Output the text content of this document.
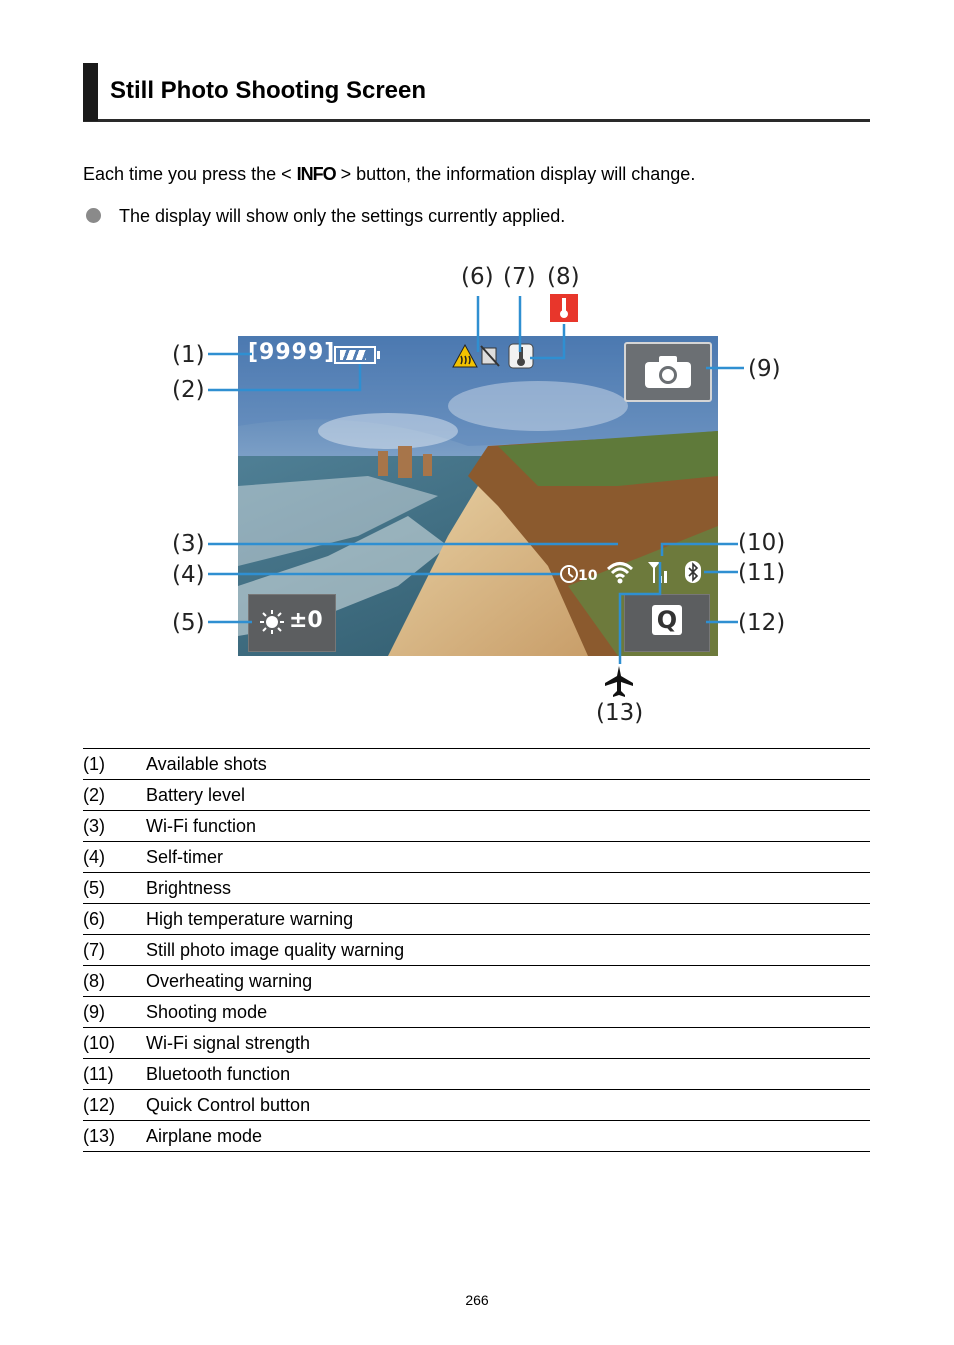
Still Photo Shooting Screen
Each time you press the < INFO > button, the information display will change.
The display will show only the settings currently applied.
[9999]
10
±0	Q
(1)
(2)
(3)
(4)
(5)
(6) (7) (8)
(9)
(10)
(11)
(12)
(13)
(1)	Available shots
(2)	Battery level
(3)	Wi-Fi function
(4)	Self-timer
(5)	Brightness
(6)	High temperature warning
(7)	Still photo image quality warning
(8)	Overheating warning
(9)	Shooting mode
(10)	Wi-Fi signal strength
(11)	Bluetooth function
(12)	Quick Control button
(13)	Airplane mode
266
